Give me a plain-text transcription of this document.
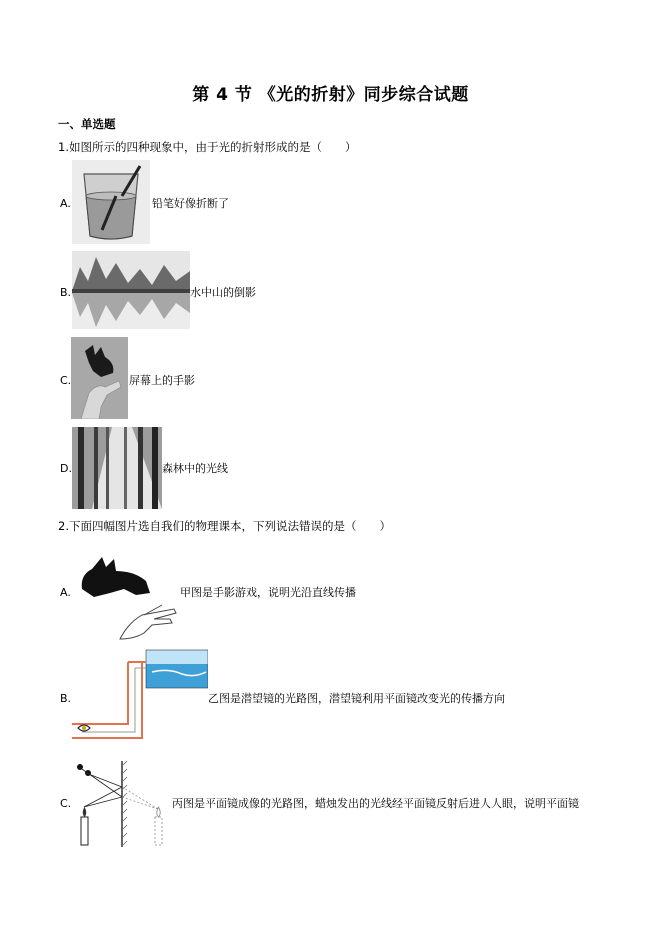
第 4 节 《光的折射》同步综合试题
一、单选题
1.如图所示的四种现象中，由于光的折射形成的是（　　）
A.	铅笔好像折断了
B.	水中山的倒影
C.	屏幕上的手影
D.	森林中的光线
2.下面四幅图片选自我们的物理课本，下列说法错误的是（　　）
A.	甲图是手影游戏，说明光沿直线传播
B.	乙图是潜望镜的光路图，潜望镜利用平面镜改变光的传播方向
C.	丙图是平面镜成像的光路图，蜡烛发出的光线经平面镜反射后进人人眼，说明平面镜
